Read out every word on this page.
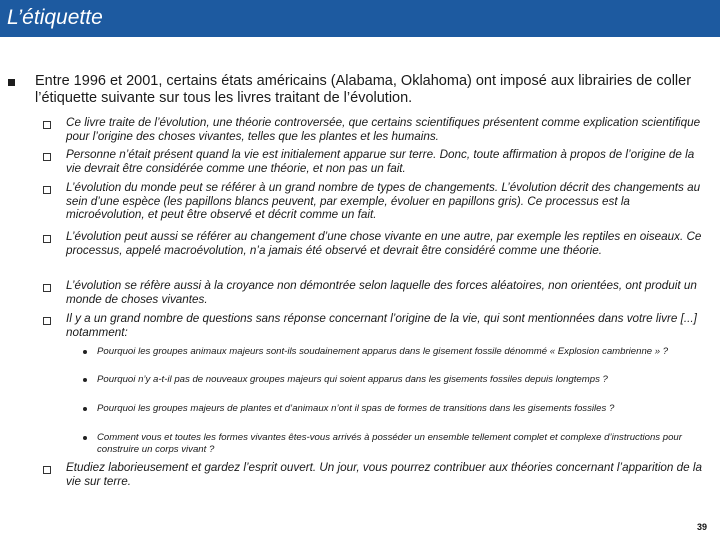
L’étiquette
Entre 1996 et 2001, certains états américains (Alabama, Oklahoma) ont imposé aux librairies de coller l’étiquette suivante sur tous les livres traitant de l’évolution.
Ce livre traite de l’évolution, une théorie controversée, que certains scientifiques présentent comme explication scientifique pour l’origine des choses vivantes, telles que les plantes et les humains.
Personne n’était présent quand la vie est initialement apparue sur terre. Donc, toute affirmation à propos de l’origine de la vie devrait être considérée comme une théorie, et non pas un fait.
L’évolution du monde peut se référer à un grand nombre de types de changements. L’évolution décrit des changements au sein d’une espèce (les papillons blancs peuvent, par exemple, évoluer en papillons gris). Ce processus est la microévolution, et peut être observé et décrit comme un fait.
L’évolution peut aussi se référer au changement d’une chose vivante en une autre, par exemple les reptiles en oiseaux. Ce processus, appelé macroévolution, n’a jamais été observé et devrait être considéré comme une théorie.
L’évolution se réfère aussi à la croyance non démontrée selon laquelle des forces aléatoires, non orientées, ont produit un monde de choses vivantes.
Il y a un grand nombre de questions sans réponse concernant l’origine de la vie, qui sont mentionnées dans votre livre [...] notamment:
Pourquoi les groupes animaux majeurs sont-ils soudainement apparus dans le gisement fossile dénommé « Explosion cambrienne » ?
Pourquoi n’y a-t-il pas de nouveaux groupes majeurs qui soient apparus dans les gisements fossiles depuis longtemps ?
Pourquoi les groupes majeurs de plantes et d’animaux n’ont il spas de formes de transitions dans les gisements fossiles ?
Comment vous et toutes les formes vivantes êtes-vous arrivés à posséder un ensemble tellement complet et complexe d’instructions pour construire un corps vivant ?
Etudiez laborieusement et gardez l’esprit ouvert. Un jour, vous pourrez contribuer aux théories concernant l’apparition de la vie sur terre.
39
